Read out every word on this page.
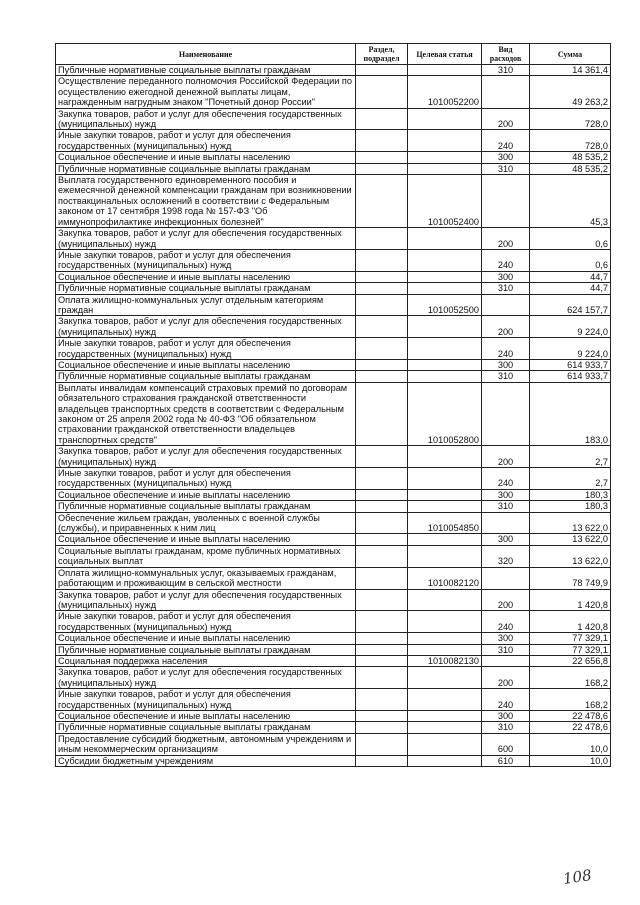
Наименование	Раздел, подраздел	Целевая статья	Вид расходов	Сумма
Публичные нормативные социальные выплаты гражданам			310	14 361,4
Осуществление переданного полномочия Российской Федерации по осуществлению ежегодной денежной выплаты лицам, награжденным нагрудным знаком "Почетный донор России"		1010052200		49 263,2
Закупка товаров, работ и услуг для обеспечения государственных (муниципальных) нужд			200	728,0
Иные закупки товаров, работ и услуг для обеспечения государственных (муниципальных) нужд			240	728,0
Социальное обеспечение и иные выплаты населению			300	48 535,2
Публичные нормативные социальные выплаты гражданам			310	48 535,2
Выплата государственного единовременного пособия и ежемесячной денежной компенсации гражданам при возникновении поствакцинальных осложнений в соответствии с Федеральным законом от 17 сентября 1998 года № 157-ФЗ "Об иммунопрофилактике инфекционных болезней"		1010052400		45,3
Закупка товаров, работ и услуг для обеспечения государственных (муниципальных) нужд			200	0,6
Иные закупки товаров, работ и услуг для обеспечения государственных (муниципальных) нужд			240	0,6
Социальное обеспечение и иные выплаты населению			300	44,7
Публичные нормативные социальные выплаты гражданам			310	44,7
Оплата жилищно-коммунальных услуг отдельным категориям граждан		1010052500		624 157,7
Закупка товаров, работ и услуг для обеспечения государственных (муниципальных) нужд			200	9 224,0
Иные закупки товаров, работ и услуг для обеспечения государственных (муниципальных) нужд			240	9 224,0
Социальное обеспечение и иные выплаты населению			300	614 933,7
Публичные нормативные социальные выплаты гражданам			310	614 933,7
Выплаты инвалидам компенсаций страховых премий по договорам обязательного страхования гражданской ответственности владельцев транспортных средств в соответствии с Федеральным законом от 25 апреля 2002 года № 40-ФЗ "Об обязательном страховании гражданской ответственности владельцев транспортных средств"		1010052800		183,0
Закупка товаров, работ и услуг для обеспечения государственных (муниципальных) нужд			200	2,7
Иные закупки товаров, работ и услуг для обеспечения государственных (муниципальных) нужд			240	2,7
Социальное обеспечение и иные выплаты населению			300	180,3
Публичные нормативные социальные выплаты гражданам			310	180,3
Обеспечение жильем граждан, уволенных с военной службы (службы), и приравненных к ним лиц		1010054850		13 622,0
Социальное обеспечение и иные выплаты населению			300	13 622,0
Социальные выплаты гражданам, кроме публичных нормативных социальных выплат			320	13 622,0
Оплата жилищно-коммунальных услуг, оказываемых гражданам, работающим и проживающим в сельской местности		1010082120		78 749,9
Закупка товаров, работ и услуг для обеспечения государственных (муниципальных) нужд			200	1 420,8
Иные закупки товаров, работ и услуг для обеспечения государственных (муниципальных) нужд			240	1 420,8
Социальное обеспечение и иные выплаты населению			300	77 329,1
Публичные нормативные социальные выплаты гражданам			310	77 329,1
Социальная поддержка населения		1010082130		22 656,8
Закупка товаров, работ и услуг для обеспечения государственных (муниципальных) нужд			200	168,2
Иные закупки товаров, работ и услуг для обеспечения государственных (муниципальных) нужд			240	168,2
Социальное обеспечение и иные выплаты населению			300	22 478,6
Публичные нормативные социальные выплаты гражданам			310	22 478,6
Предоставление субсидий бюджетным, автономным учреждениям и иным некоммерческим организациям			600	10,0
Субсидии бюджетным учреждениям			610	10,0
108
